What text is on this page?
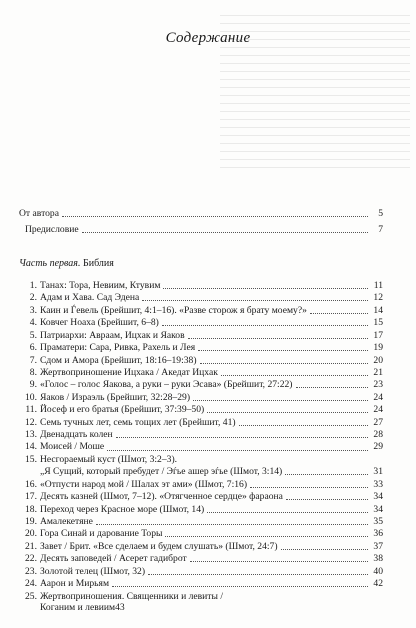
Содержание
От автора	5
Предисловие	7
Часть первая. Библия
1. Танах: Тора, Невиим, Ктувим	11
2. Адам и Хава. Сад Эдена	12
3. Каин и Ѓевель (Брейшит, 4:1–16). «Разве сторож я брату моему?»	14
4. Ковчег Ноаха (Брейшит, 6–8)	15
5. Патриархи: Авраам, Ицхак и Яаков	17
6. Праматери: Сара, Ривка, Рахель и Лея	19
7. Сдом и Амора (Брейшит, 18:16–19:38)	20
8. Жертвоприношение Ицхака / Акедат Ицхак	21
9. «Голос – голос Яакова, а руки – руки Эсава» (Брейшит, 27:22)	23
10. Яаков / Израэль (Брейшит, 32:28–29)	24
11. Йосеф и его братья (Брейшит, 37:39–50)	24
12. Семь тучных лет, семь тощих лет (Брейшит, 41)	27
13. Двенадцать колен	28
14. Моисей / Моше	29
15. Несгораемый куст (Шмот, 3:2–3).
„Я Сущий, который пребудет / Эѓье ашер эѓье (Шмот, 3:14)	31
16. «Отпусти народ мой / Шалах эт ами» (Шмот, 7:16)	33
17. Десять казней (Шмот, 7–12). «Отягченное сердце» фараона	34
18. Переход через Красное море (Шмот, 14)	34
19. Амалекетяне	35
20. Гора Синай и дарование Торы	36
21. Завет / Брит. «Все сделаем и будем слушать» (Шмот, 24:7)	37
22. Десять заповедей / Асерет гадиброт	38
23. Золотой телец (Шмот, 32)	40
24. Аарон и Мирьям	42
25. Жертвоприношения. Священники и левиты /
Коганим и левиим 43
